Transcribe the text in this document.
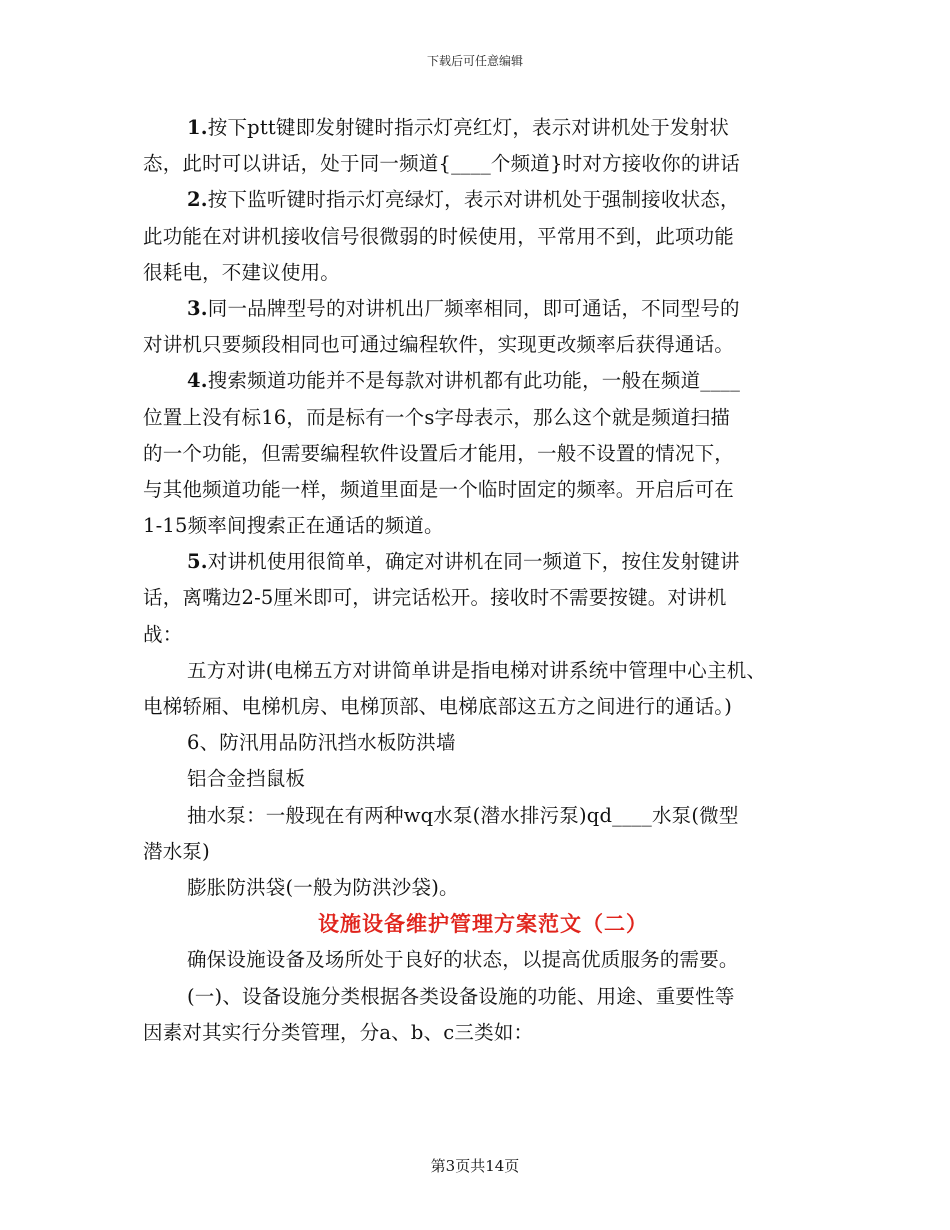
下载后可任意编辑
1.按下ptt键即发射键时指示灯亮红灯，表示对讲机处于发射状
态，此时可以讲话，处于同一频道{____个频道}时对方接收你的讲话
2.按下监听键时指示灯亮绿灯，表示对讲机处于强制接收状态，
此功能在对讲机接收信号很微弱的时候使用，平常用不到，此项功能
很耗电，不建议使用。
3.同一品牌型号的对讲机出厂频率相同，即可通话，不同型号的
对讲机只要频段相同也可通过编程软件，实现更改频率后获得通话。
4.搜索频道功能并不是每款对讲机都有此功能，一般在频道____
位置上没有标16，而是标有一个s字母表示，那么这个就是频道扫描
的一个功能，但需要编程软件设置后才能用，一般不设置的情况下，
与其他频道功能一样，频道里面是一个临时固定的频率。开启后可在
1-15频率间搜索正在通话的频道。
5.对讲机使用很简单，确定对讲机在同一频道下，按住发射键讲
话，离嘴边2-5厘米即可，讲完话松开。接收时不需要按键。对讲机
战：
五方对讲(电梯五方对讲简单讲是指电梯对讲系统中管理中心主机、
电梯轿厢、电梯机房、电梯顶部、电梯底部这五方之间进行的通话。)
6、防汛用品防汛挡水板防洪墙
铝合金挡鼠板
抽水泵：一般现在有两种wq水泵(潜水排污泵)qd____水泵(微型
潜水泵)
膨胀防洪袋(一般为防洪沙袋)。
设施设备维护管理方案范文（二）
确保设施设备及场所处于良好的状态，以提高优质服务的需要。
(一)、设备设施分类根据各类设备设施的功能、用途、重要性等
因素对其实行分类管理，分a、b、c三类如：
第3页共14页
